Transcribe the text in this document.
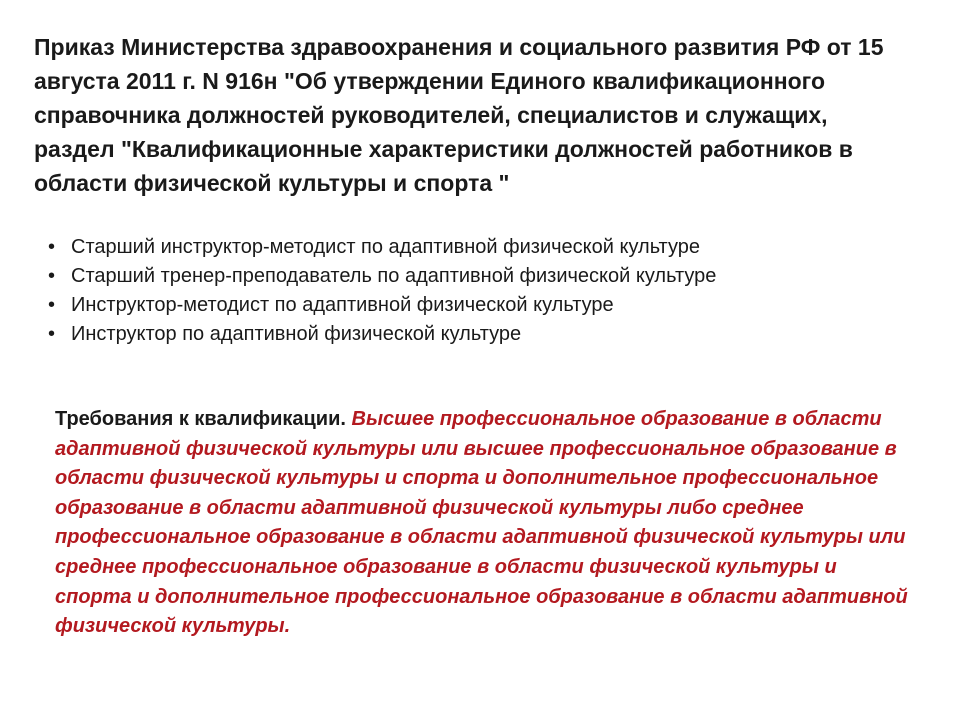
Приказ Министерства здравоохранения и социального развития РФ от 15 августа 2011 г. N 916н "Об утверждении Единого квалификационного справочника должностей руководителей, специалистов и служащих, раздел "Квалификационные характеристики должностей работников в области физической культуры и спорта "
• Старший инструктор-методист по адаптивной физической культуре
• Старший тренер-преподаватель по адаптивной физической культуре
• Инструктор-методист по адаптивной физической культуре
• Инструктор по адаптивной физической культуре

Требования к квалификации. Высшее профессиональное образование в области адаптивной физической культуры или высшее профессиональное образование в области физической культуры и спорта и дополнительное профессиональное образование в области адаптивной физической культуры либо среднее профессиональное образование в области адаптивной физической культуры или среднее профессиональное образование в области физической культуры и спорта и дополнительное профессиональное образование в области адаптивной физической культуры.
